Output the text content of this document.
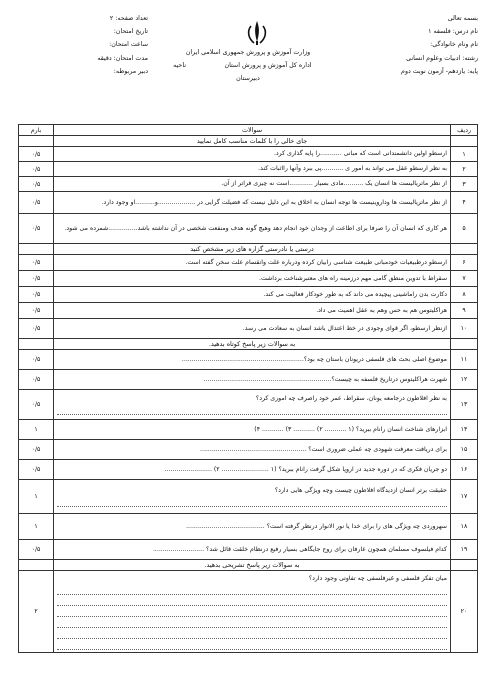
بسمه تعالی
نام درس: فلسفه ۱
نام ونام خانوادگی:
رشته: ادبیات وعلوم انسانی
پایه: یازدهم- آزمون نوبت دوم
وزارت آموزش و پرورش جمهوری اسلامی ایران
اداره کل آموزش و پرورش استان
دبیرستان
ناحیه
تعداد صفحه: ۲
تاریخ امتحان:
ساعت امتحان:
مدت امتحان: دقیقه
دبیر مربوطه:
ردیف	سوالات	بارم
	جای خالی را با کلمات مناسب کامل نمایید	
۱	ارسطو اولین دانشمندانی است که مبانی ...........را پایه گذاری کرد.	۰/۵
۲	به نظر ارسطو عقل می تواند به امور ی ...........پی ببرد وآنها رااثبات کند.	۰/۵
۳	از نظر ماتریالیست ها انسان یک ..........مادی بسیار ............است نه چیزی فراتر از آن.	۰/۵
۴	از نظر ماتریالیست ها وداروینیست ها توجه انسان به اخلاق به این دلیل نیست که فضیلت گرایی در ...................و..........او وجود دارد.	۰/۵
۵	هر کاری که انسان آن را صرفا برای اطاعت از وجدان خود انجام دهد وهیچ گونه هدف ومنفعت شخصی در آن نداشته باشد...............شمرده می شود.	۰/۵
	درستی یا نادرستی گزاره های زیر مشخص کنید	
۶	ارسطو درطبیعیات خودمبانی طبیعت شناسی رابیان کرده ودرباره علت وانقسام علت سخن گفته است.	۰/۵
۷	سقراط با تدوین منطق گامی مهم درزمینه راه های معتبرشناخت برداشت.	۰/۵
۸	دکارت بدن راماشینی پیچیده می داند که به طور خودکار فعالیت می کند.	۰/۵
۹	هراکلیتوس هم به حس وهم به عقل اهمیت می داد.	۰/۵
۱۰	ازنظر ارسطو، اگر قوای وجودی در خط اعتدال باشد انسان به سعادت می رسد.	۰/۵
	به سوالات زیر پاسخ کوتاه بدهید.	
۱۱	موضوع اصلی بحث های فلسفی دریونان باستان چه بود؟..............................................................	۰/۵
۱۲	شهرت هراکلیتوس درتاریخ فلسفه به چیست؟.................................................................	۰/۵
۱۳	به نظر افلاطون درجامعه یونان، سقراط، عمر خود راصرف چه اموری کرد؟	۰/۵
۱۴	ابزارهای شناخت انسان رانام ببرید؟ (۱ ........... ۲) ........... ۳) ........... ۴)	۱
۱۵	برای دریافت معرفت شهودی چه عملی ضروری است؟ ......................................................	۰/۵
۱۶	دو جریان فکری که در دوره جدید در اروپا شکل گرفت رانام ببرید؟ (۱ ........................ ۲) ........................	۰/۵
۱۷	حقیقت برتر انسان ازدیدگاه افلاطون چیست وچه ویژگی هایی دارد؟	۱
۱۸	سهروردی چه ویژگی های را برای خدا یا نور الانوار درنظر گرفته است؟ ........................................	۱
۱۹	کدام فیلسوف مسلمان همچون عارفان برای روح جایگاهی بسیار رفیع درنظام خلقت قائل شد؟ ..........................	۰/۵
	به سوالات زیر پاسخ تشریحی بدهید.	
۲۰	میان تفکر فلسفی و غیرفلسفی چه تفاوتی وجود دارد؟	۲
